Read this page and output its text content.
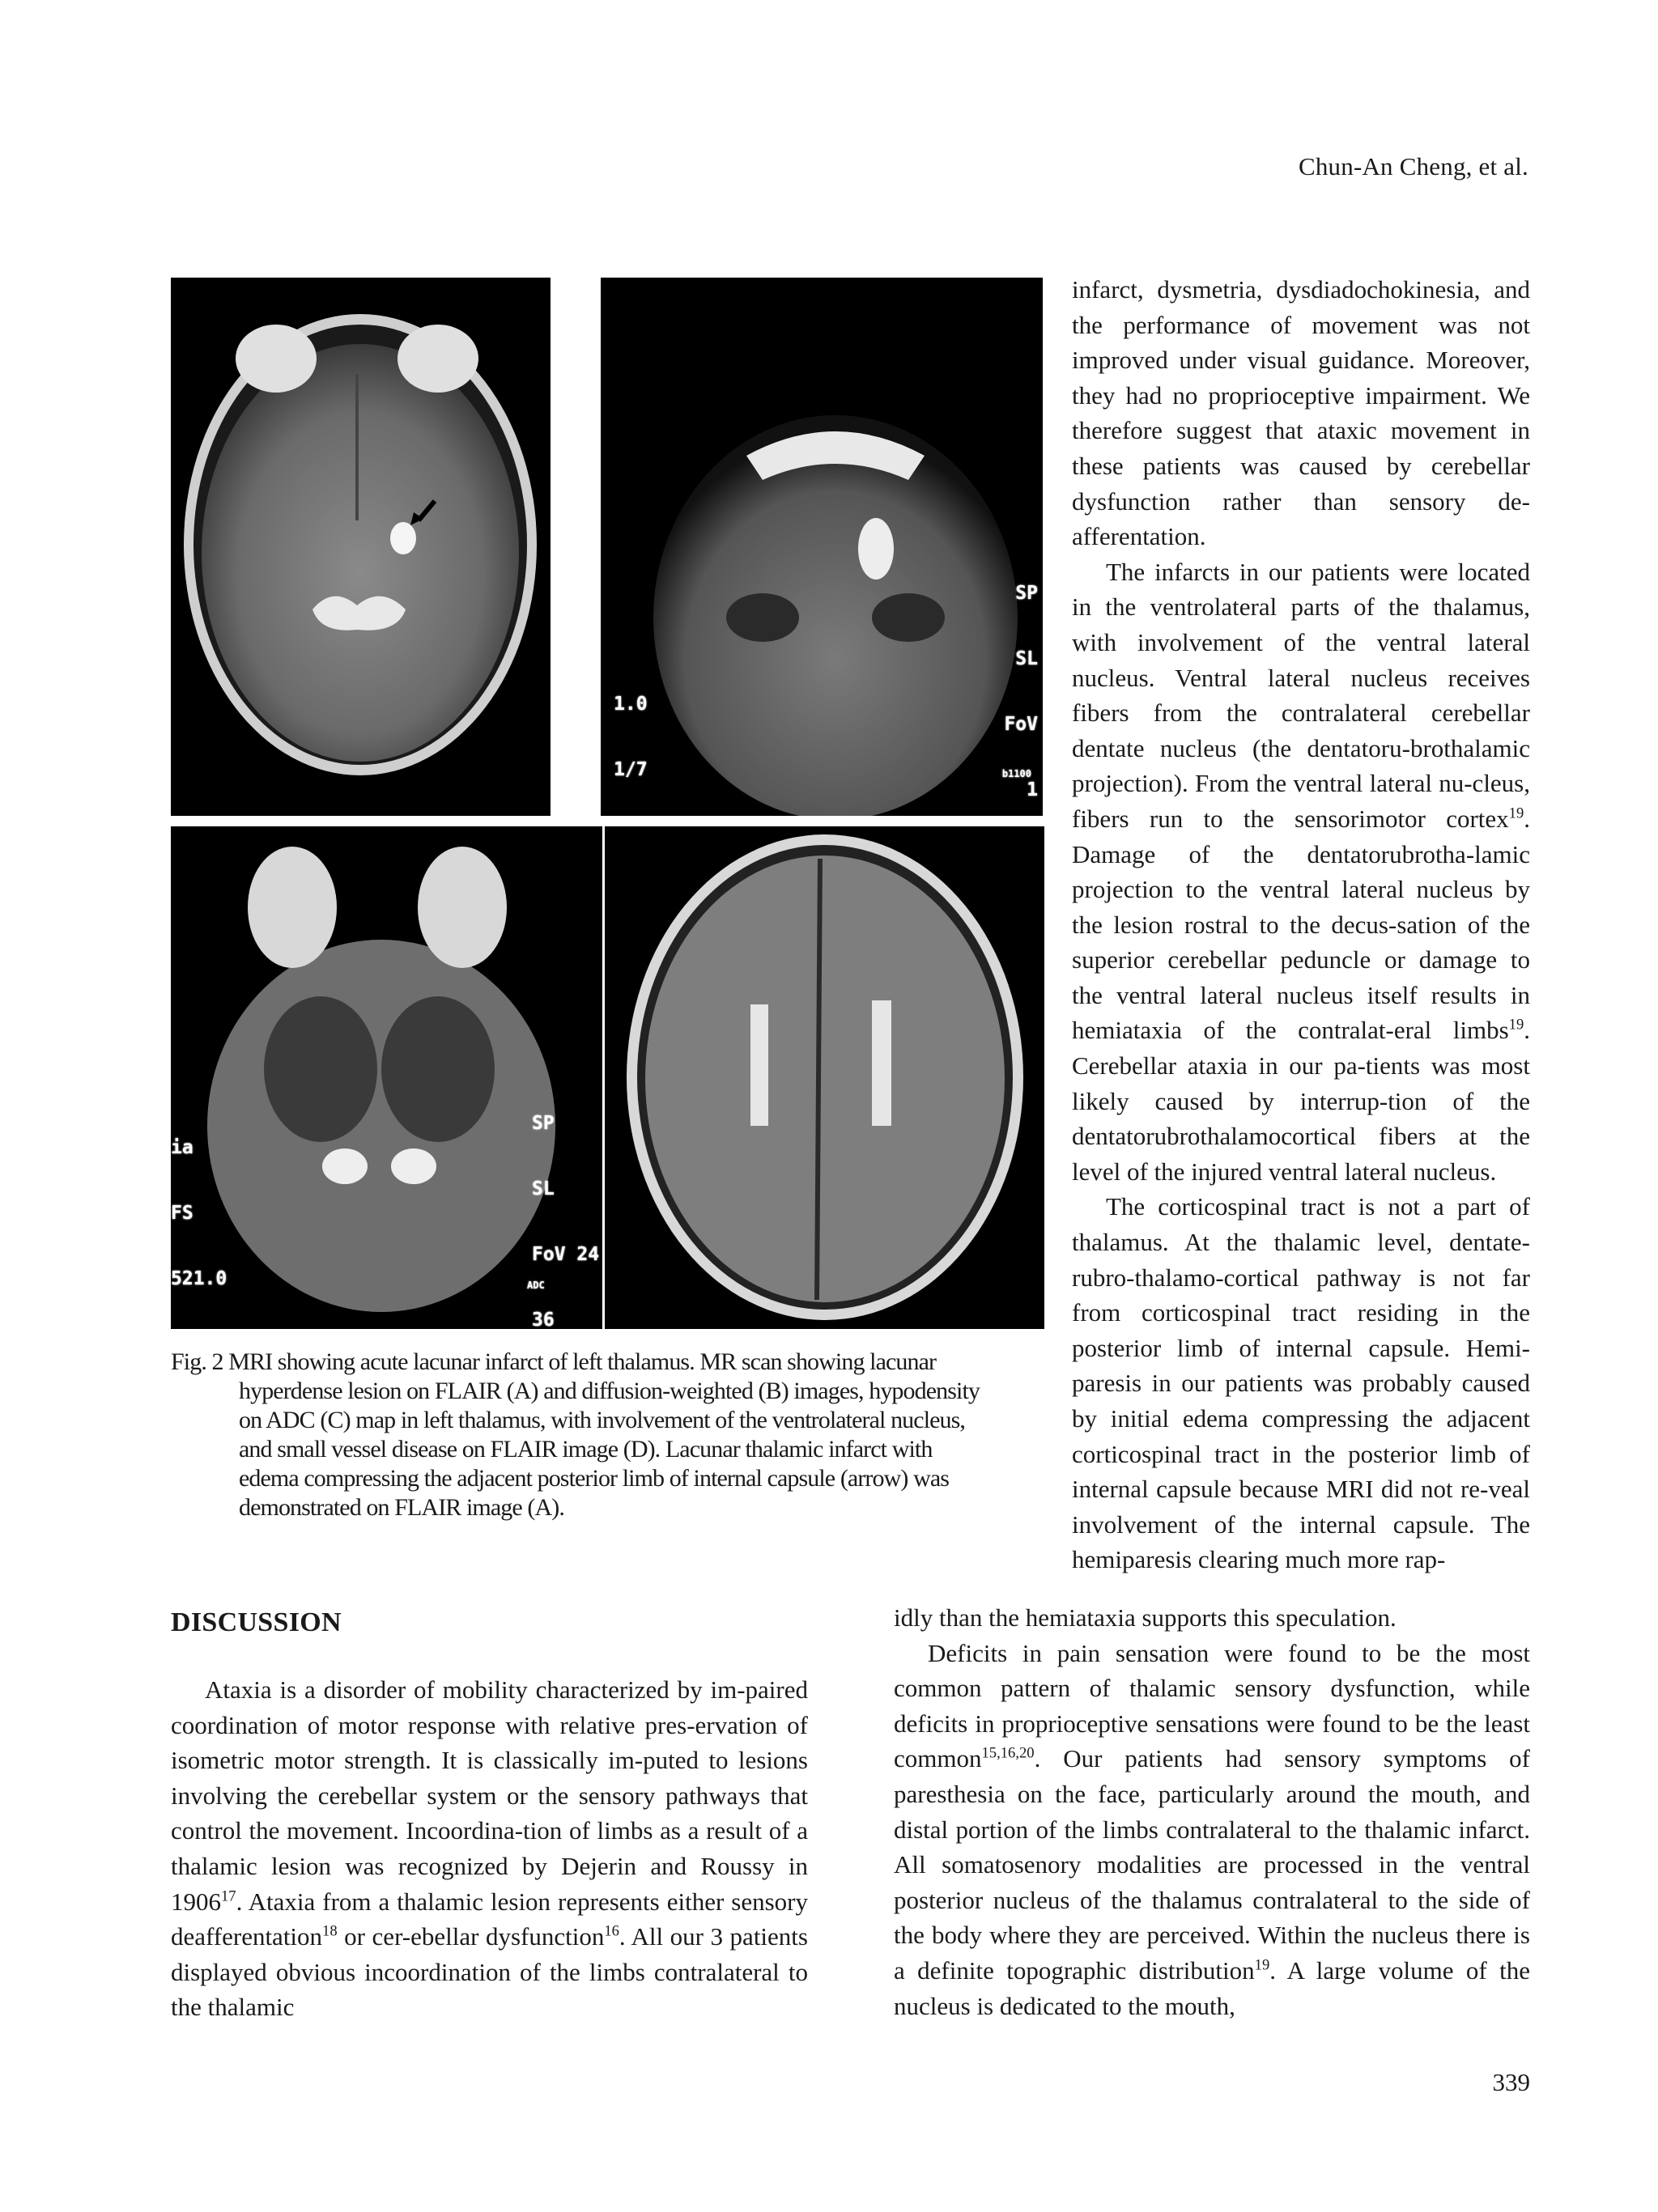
Chun-An Cheng, et al.

1.0

1/7

SP

SL

FoV

1

b1100

ia

FS

521.0

SP

SL

FoV 24

36

ADC
Fig. 2 MRI showing acute lacunar infarct of left thalamus. MR scan showing lacunar
hyperdense lesion on FLAIR (A) and diffusion-weighted (B) images, hypodensity
on ADC (C) map in left thalamus, with involvement of the ventrolateral nucleus,
and small vessel disease on FLAIR image (D). Lacunar thalamic infarct with
edema compressing the adjacent posterior limb of internal capsule (arrow) was
demonstrated on FLAIR image (A).

infarct, dysmetria, dysdiadochokinesia, and the performance of movement was not improved under visual guidance. Moreover, they had no proprioceptive impairment. We therefore suggest that ataxic movement in these patients was caused by cerebellar dysfunction rather than sensory de-afferentation.

The infarcts in our patients were located in the ventrolateral parts of the thalamus, with involvement of the ventral lateral nucleus. Ventral lateral nucleus receives fibers from the contralateral cerebellar dentate nucleus (the dentatoru-brothalamic projection). From the ventral lateral nu-cleus, fibers run to the sensorimotor cortex$^{19}$. Damage of the dentatorubrotha-lamic projection to the ventral lateral nucleus by the lesion rostral to the decus-sation of the superior cerebellar peduncle or damage to the ventral lateral nucleus itself results in hemiataxia of the contralat-eral limbs$^{19}$. Cerebellar ataxia in our pa-tients was most likely caused by interrup-tion of the dentatorubrothalamocortical fibers at the level of the injured ventral lateral nucleus.

The corticospinal tract is not a part of thalamus. At the thalamic level, dentate-rubro-thalamo-cortical pathway is not far from corticospinal tract residing in the posterior limb of internal capsule. Hemi-paresis in our patients was probably caused by initial edema compressing the adjacent corticospinal tract in the posterior limb of internal capsule because MRI did not re-veal involvement of the internal capsule. The hemiparesis clearing much more rap-

DISCUSSION

Ataxia is a disorder of mobility characterized by im-paired coordination of motor response with relative pres-ervation of isometric motor strength. It is classically im-puted to lesions involving the cerebellar system or the sensory pathways that control the movement. Incoordina-tion of limbs as a result of a thalamic lesion was recognized by Dejerin and Roussy in 1906$^{17}$. Ataxia from a thalamic lesion represents either sensory deafferentation$^{18}$ or cer-ebellar dysfunction$^{16}$. All our 3 patients displayed obvious incoordination of the limbs contralateral to the thalamic

idly than the hemiataxia supports this speculation.

Deficits in pain sensation were found to be the most common pattern of thalamic sensory dysfunction, while deficits in proprioceptive sensations were found to be the least common$^{15,16,20}$. Our patients had sensory symptoms of paresthesia on the face, particularly around the mouth, and distal portion of the limbs contralateral to the thalamic infarct. All somatosenory modalities are processed in the ventral posterior nucleus of the thalamus contralateral to the side of the body where they are perceived. Within the nucleus there is a definite topographic distribution$^{19}$. A large volume of the nucleus is dedicated to the mouth,

339
